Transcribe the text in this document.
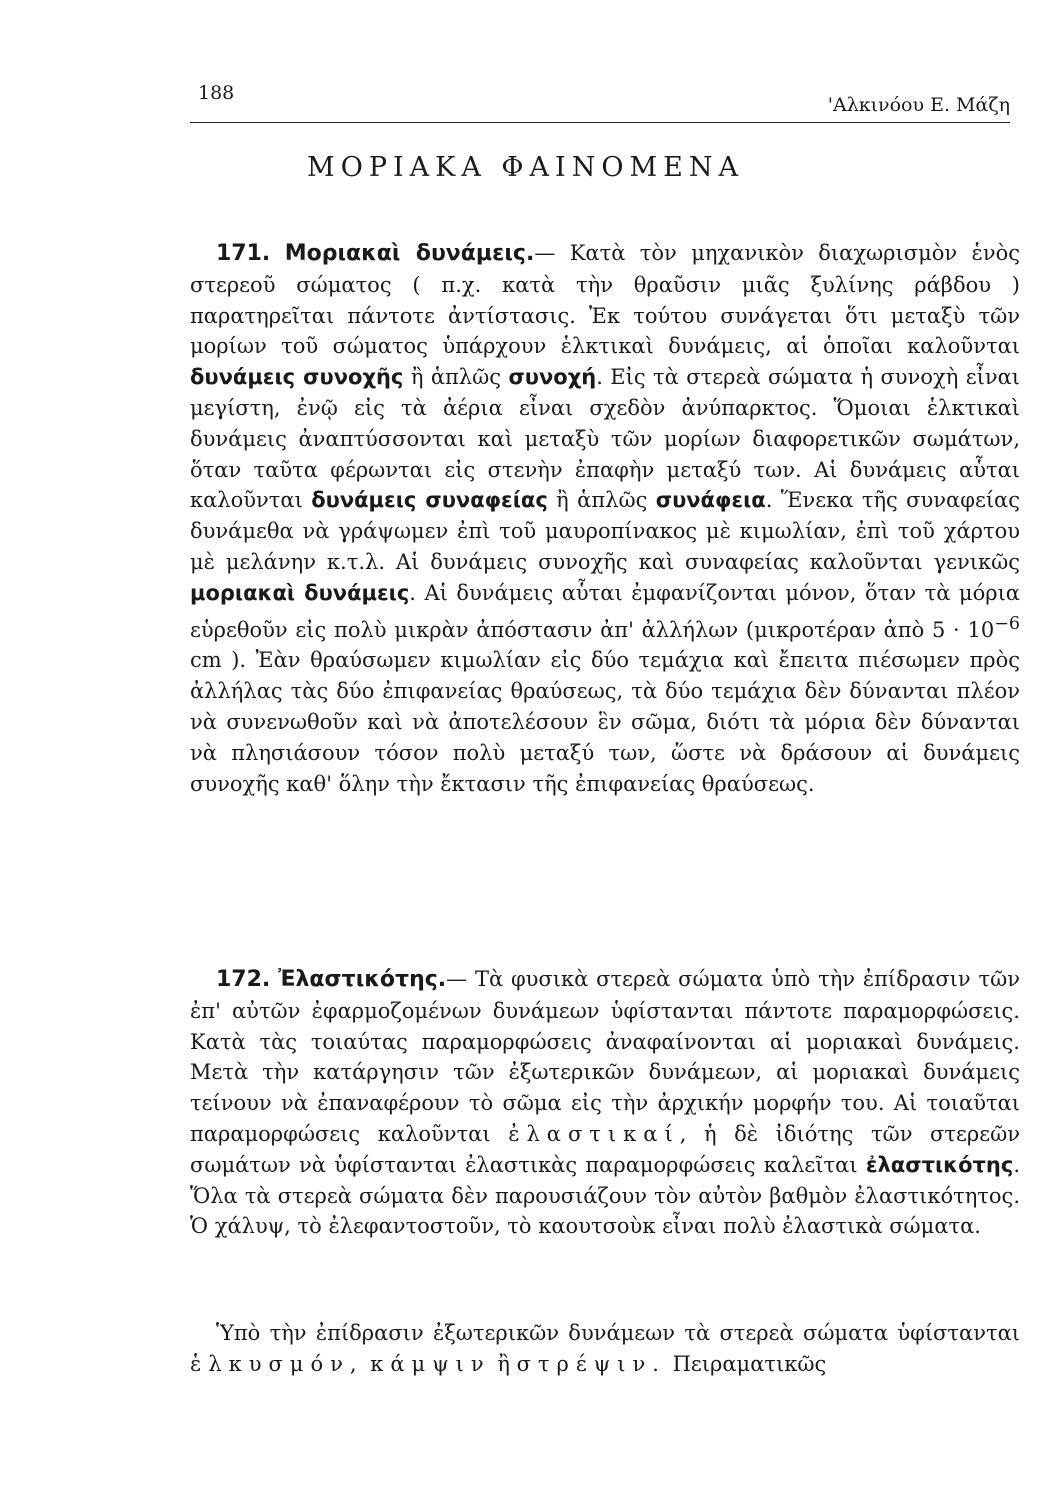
188
'Αλκινόου Ε. Μάζη
ΜΟΡΙΑΚΑ ΦΑΙΝΟΜΕΝΑ

171. Μοριακαὶ δυνάμεις.— Κατὰ τὸν μηχανικὸν διαχωρισμὸν ἑνὸς στερεοῦ σώματος ( π.χ. κατὰ τὴν θραῦσιν μιᾶς ξυλίνης ράβδου ) παρατηρεῖται πάντοτε ἀντίστασις. Ἐκ τούτου συνάγεται ὅτι μεταξὺ τῶν μορίων τοῦ σώματος ὑπάρχουν ἑλκτικαὶ δυνάμεις, αἱ ὁποῖαι καλοῦνται δυνάμεις συνοχῆς ἢ ἁπλῶς συνοχή. Εἰς τὰ στερεὰ σώματα ἡ συνοχὴ εἶναι μεγίστη, ἐνῷ εἰς τὰ ἀέρια εἶναι σχεδὸν ἀνύπαρκτος. Ὅμοιαι ἑλκτικαὶ δυνάμεις ἀναπτύσσονται καὶ μεταξὺ τῶν μορίων διαφορετικῶν σωμάτων, ὅταν ταῦτα φέρωνται εἰς στενὴν ἐπαφὴν μεταξύ των. Αἱ δυνάμεις αὗται καλοῦνται δυνάμεις συναφείας ἢ ἁπλῶς συνάφεια. Ἕνεκα τῆς συναφείας δυνάμεθα νὰ γράψωμεν ἐπὶ τοῦ μαυροπίνακος μὲ κιμωλίαν, ἐπὶ τοῦ χάρτου μὲ μελάνην κ.τ.λ. Αἱ δυνάμεις συνοχῆς καὶ συναφείας καλοῦνται γενικῶς μοριακαὶ δυνάμεις. Αἱ δυνάμεις αὗται ἐμφανίζονται μόνον, ὅταν τὰ μόρια εὑρεθοῦν εἰς πολὺ μικρὰν ἀπόστασιν ἀπ' ἀλλήλων (μικροτέραν ἀπὸ $5 \cdot 10^{-6}$ cm ). Ἐὰν θραύσωμεν κιμωλίαν εἰς δύο τεμάχια καὶ ἔπειτα πιέσωμεν πρὸς ἀλλήλας τὰς δύο ἐπιφανείας θραύσεως, τὰ δύο τεμάχια δὲν δύνανται πλέον νὰ συνενωθοῦν καὶ νὰ ἀποτελέσουν ἓν σῶμα, διότι τὰ μόρια δὲν δύνανται νὰ πλησιάσουν τόσον πολὺ μεταξύ των, ὥστε νὰ δράσουν αἱ δυνάμεις συνοχῆς καθ' ὅλην τὴν ἔκτασιν τῆς ἐπιφανείας θραύσεως.

172. Ἐλαστικότης.— Τὰ φυσικὰ στερεὰ σώματα ὑπὸ τὴν ἐπίδρασιν τῶν ἐπ' αὐτῶν ἐφαρμοζομένων δυνάμεων ὑφίστανται πάντοτε παραμορφώσεις. Κατὰ τὰς τοιαύτας παραμορφώσεις ἀναφαίνονται αἱ μοριακαὶ δυνάμεις. Μετὰ τὴν κατάργησιν τῶν ἐξωτερικῶν δυνάμεων, αἱ μοριακαὶ δυνάμεις τείνουν νὰ ἐπαναφέρουν τὸ σῶμα εἰς τὴν ἀρχικήν μορφήν του. Αἱ τοιαῦται παραμορφώσεις καλοῦνται ἐλαστικαί, ἡ δὲ ἰδιότης τῶν στερεῶν σωμάτων νὰ ὑφίστανται ἐλαστικὰς παραμορφώσεις καλεῖται ἐλαστικότης. Ὅλα τὰ στερεὰ σώματα δὲν παρουσιάζουν τὸν αὐτὸν βαθμὸν ἐλαστικότητος. Ὁ χάλυψ, τὸ ἐλεφαντοστοῦν, τὸ καουτσοὺκ εἶναι πολὺ ἐλαστικὰ σώματα.

Ὑπὸ τὴν ἐπίδρασιν ἐξωτερικῶν δυνάμεων τὰ στερεὰ σώματα ὑφίστανται ἑλκυσμόν, κάμψιν ἢ στρέψιν. Πειραματικῶς
